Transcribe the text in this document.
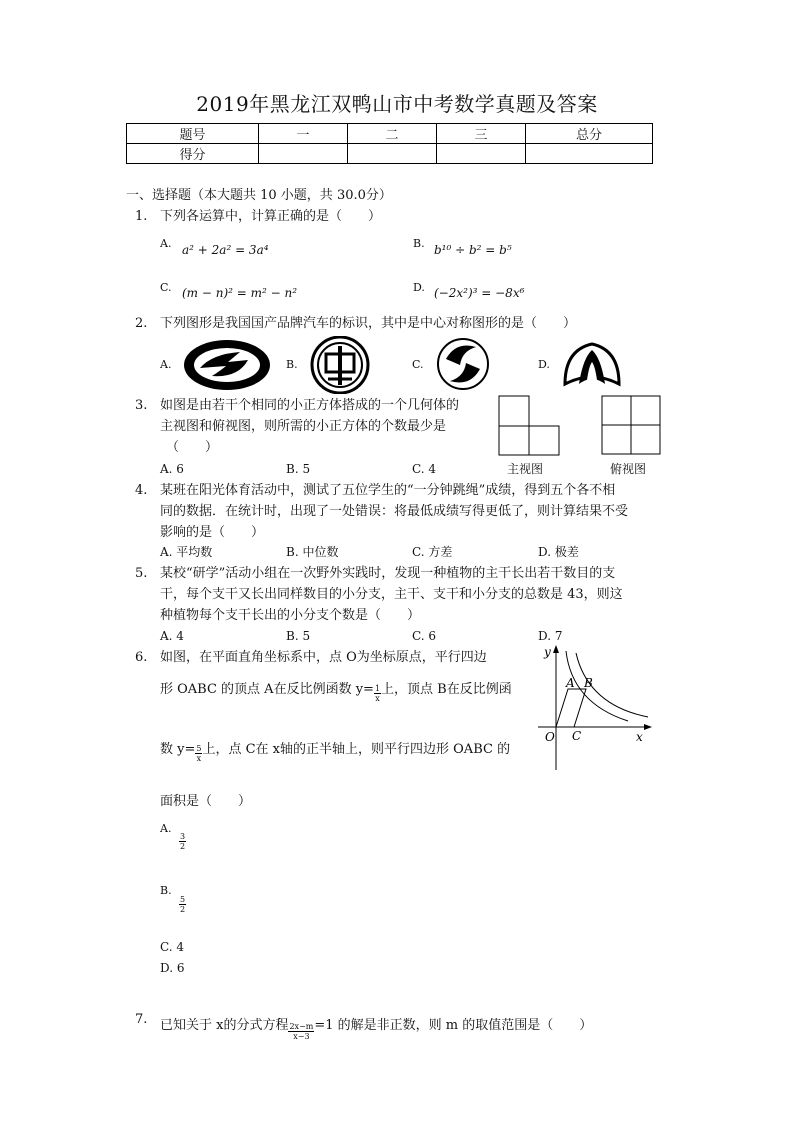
2019年黑龙江双鸭山市中考数学真题及答案
题号	一	二	三	总分
得分				
一、选择题（本大题共 10 小题，共 30.0分）
1. 下列各运算中，计算正确的是（　　）
A. a² + 2a² = 3a⁴	B. b¹⁰ ÷ b² = b⁵
C. (m − n)² = m² − n²	D. (−2x²)³ = −8x⁶
2. 下列图形是我国国产品牌汽车的标识，其中是中心对称图形的是（　　）
A.	B.	C.	D.
3. 如图是由若干个相同的小正方体搭成的一个几何体的
主视图和俯视图，则所需的小正方体的个数最少是
（　　）
A. 6	B. 5	C. 4	主视图	俯视图
4. 某班在阳光体育活动中，测试了五位学生的“一分钟跳绳”成绩，得到五个各不相
同的数据．在统计时，出现了一处错误：将最低成绩写得更低了，则计算结果不受
影响的是（　　）
A. 平均数	B. 中位数	C. 方差	D. 极差
5. 某校“研学”活动小组在一次野外实践时，发现一种植物的主干长出若干数目的支
干，每个支干又长出同样数目的小分支，主干、支干和小分支的总数是 43，则这
种植物每个支干长出的小分支个数是（　　）
A. 4	B. 5	C. 6	D. 7
6. 如图，在平面直角坐标系中，点 O为坐标原点，平行四边
形 OABC 的顶点 A在反比例函数 $y= \frac{1}{x}$ 上，顶点 B在反比例函
数 $y= \frac{5}{x}$ 上，点 C在 x轴的正半轴上，则平行四边形 OABC 的
面积是（　　）
A.
$\frac{3}{2}$
B.
$\frac{5}{2}$
C. 4
D. 6
y
x
O
A B
C
7. 已知关于 x的分式方程 $\frac{2x-m}{x-3} =1$ 的解是非正数，则 m 的取值范围是（　　）
